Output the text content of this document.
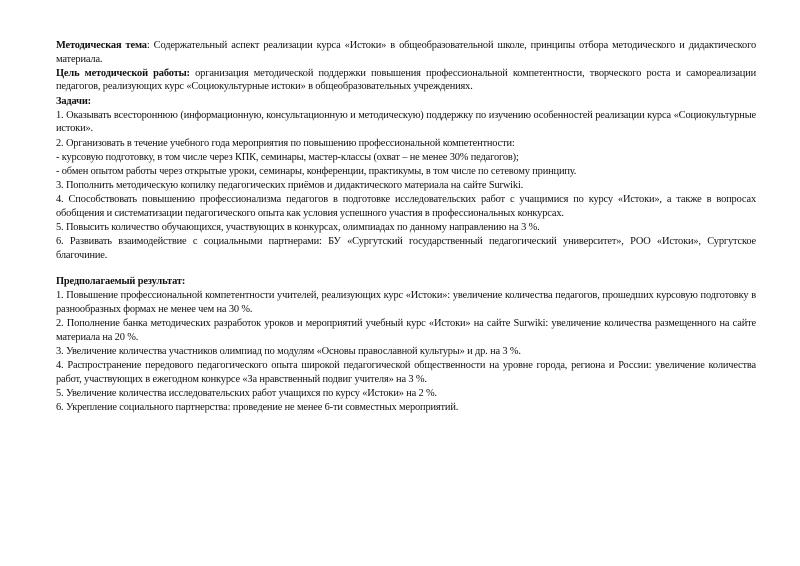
Методическая тема: Содержательный аспект реализации курса «Истоки» в общеобразовательной школе, принципы отбора методического и дидактического материала.

Цель методической работы: организация методической поддержки повышения профессиональной компетентности, творческого роста и самореализации педагогов, реализующих курс «Социокультурные истоки» в общеобразовательных учреждениях.

Задачи:

1. Оказывать всестороннюю (информационную, консультационную и методическую) поддержку по изучению особенностей реализации курса «Социокультурные истоки».

2. Организовать в течение учебного года мероприятия по повышению профессиональной компетентности:

- курсовую подготовку, в том числе через КПК, семинары, мастер-классы (охват – не менее 30% педагогов);

- обмен опытом работы через открытые уроки, семинары, конференции, практикумы, в том числе по сетевому принципу.

3. Пополнить методическую копилку педагогических приёмов и дидактического материала на сайте Surwiki.

4. Способствовать повышению профессионализма педагогов в подготовке исследовательских работ с учащимися по курсу «Истоки», а также в вопросах обобщения и систематизации педагогического опыта как условия успешного участия в профессиональных конкурсах.

5. Повысить количество обучающихся, участвующих в конкурсах, олимпиадах по данному направлению на 3 %.

6. Развивать взаимодействие с социальными партнерами: БУ «Сургутский государственный педагогический университет», РОО «Истоки», Сургутское благочиние.

Предполагаемый результат:

1. Повышение профессиональной компетентности учителей, реализующих курс «Истоки»: увеличение количества педагогов, прошедших курсовую подготовку в разнообразных формах не менее чем на 30 %.

2. Пополнение банка методических разработок уроков и мероприятий учебный курс «Истоки» на сайте Surwiki: увеличение количества размещенного на сайте материала на 20 %.

3. Увеличение количества участников олимпиад по модулям «Основы православной культуры» и др. на 3 %.

4. Распространение передового педагогического опыта широкой педагогической общественности на уровне города, региона и России: увеличение количества работ, участвующих в ежегодном конкурсе «За нравственный подвиг учителя» на 3 %.

5. Увеличение количества исследовательских работ учащихся по курсу «Истоки» на 2 %.

6. Укрепление социального партнерства: проведение не менее 6-ти совместных мероприятий.
